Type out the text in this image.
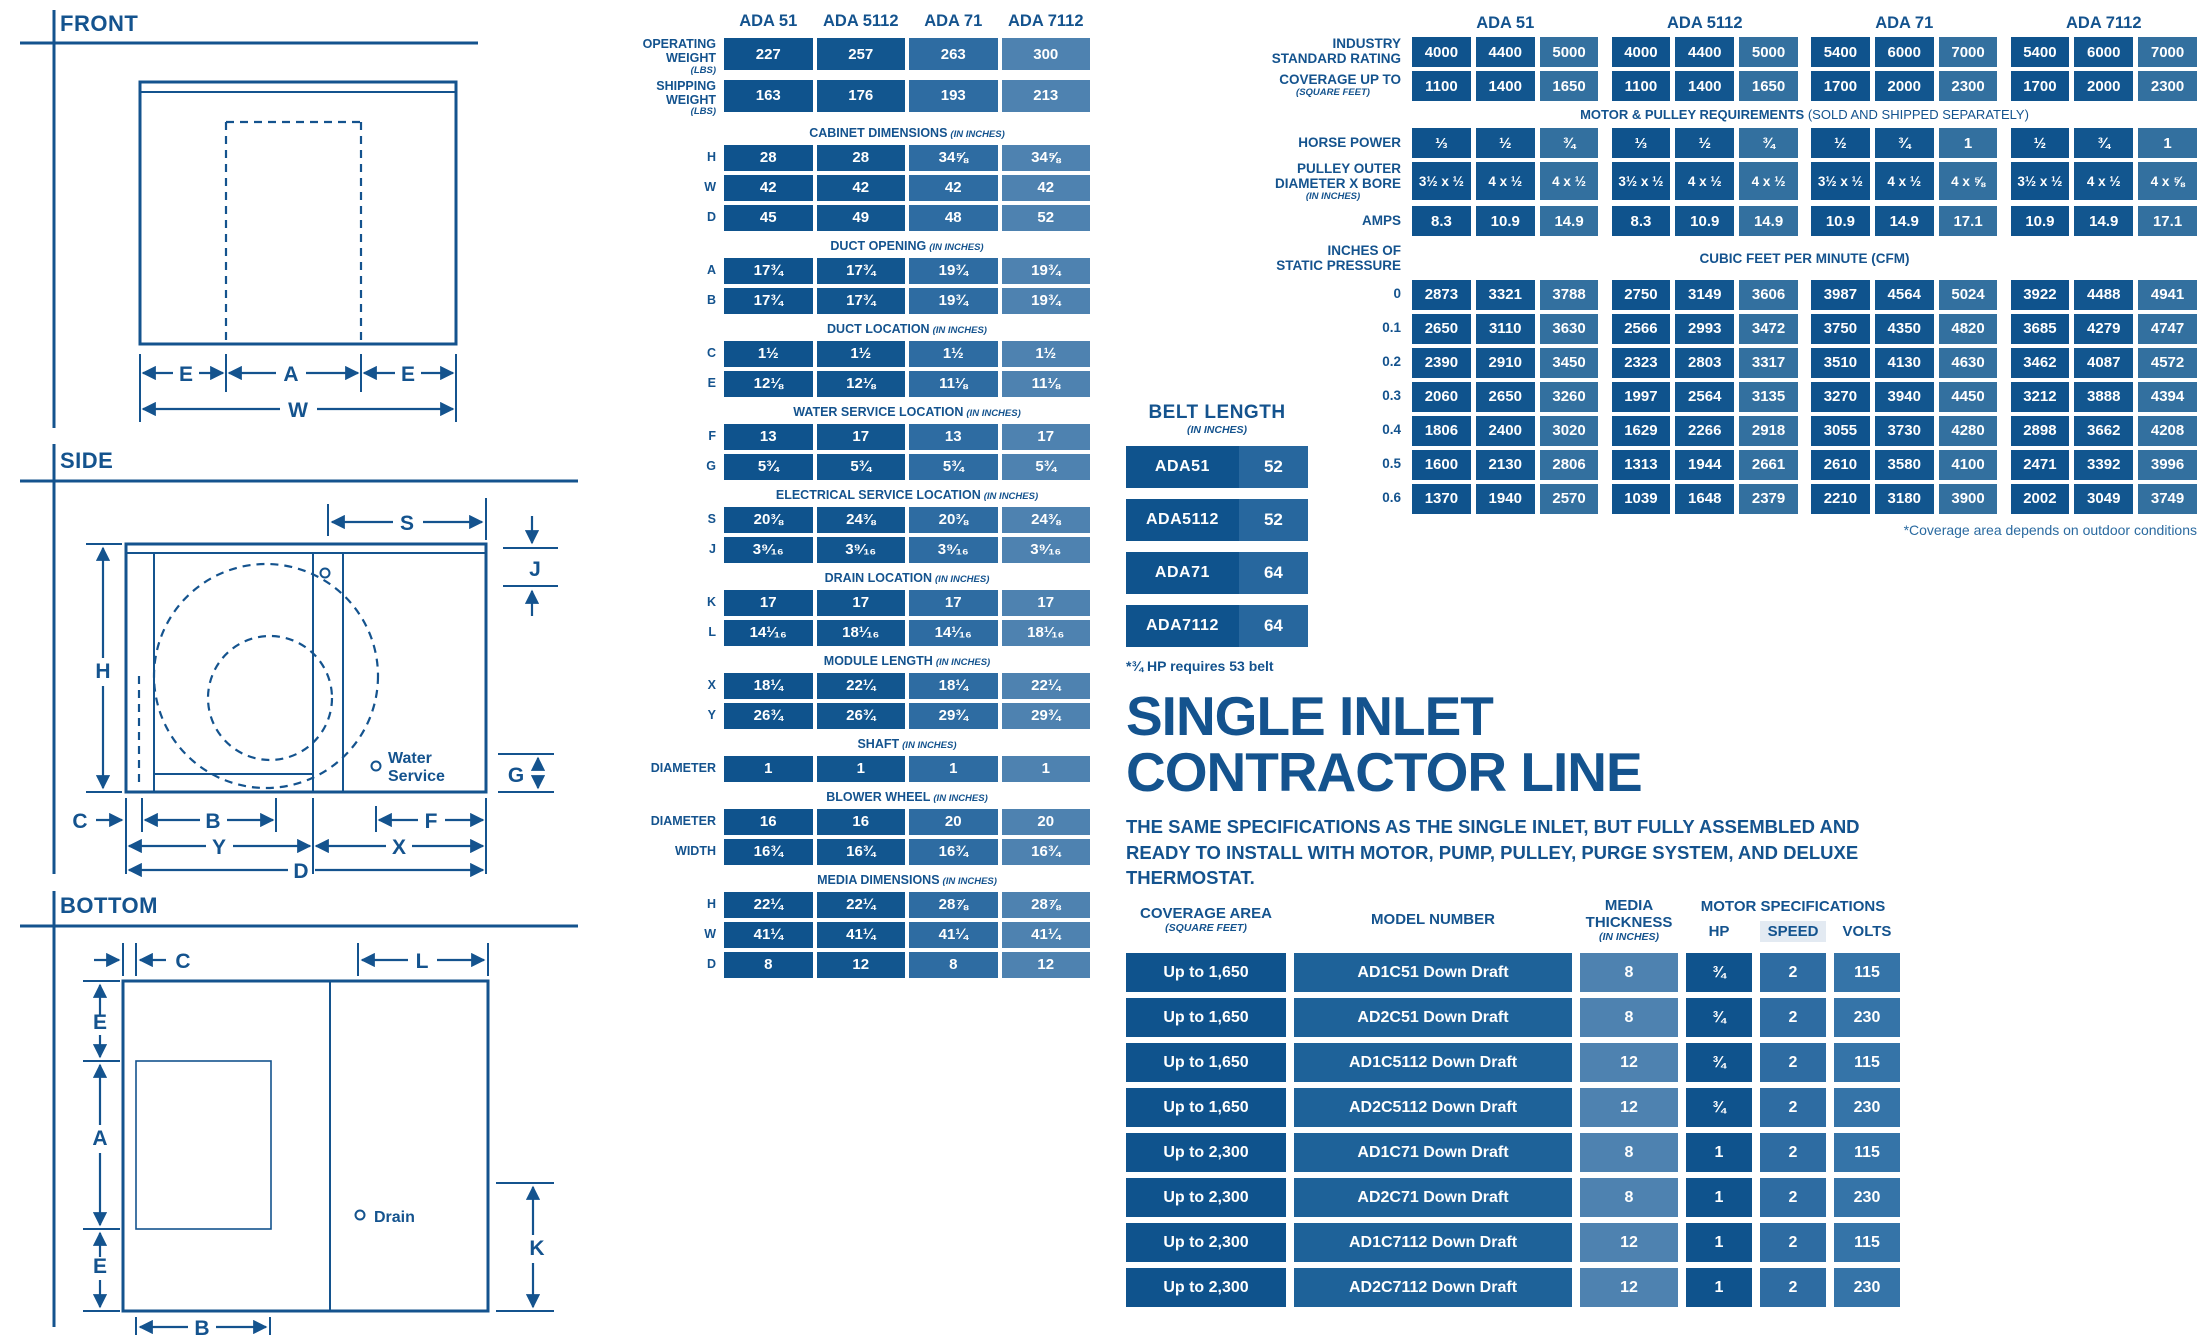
FRONT
E	A	E
W
SIDE
Water
Service
S
J
H
G
C	B	F
Y	X
D
BOTTOM
Drain
C	L
E
A
E
K
B
ADA 51	ADA 5112	ADA 71	ADA 7112
OPERATING WEIGHT
(LBS)
227	257	263	300
SHIPPING WEIGHT
(LBS)
163	176	193	213
CABINET DIMENSIONS (IN INCHES)
H	28	28	34⅝	34⅝
W	42	42	42	42
D	45	49	48	52
DUCT OPENING (IN INCHES)
A	17¾	17¾	19¾	19¾
B	17¾	17¾	19¾	19¾
DUCT LOCATION (IN INCHES)
C	1½	1½	1½	1½
E	12⅛	12⅛	11⅛	11⅛
WATER SERVICE LOCATION (IN INCHES)
F	13	17	13	17
G	5¾	5¾	5¾	5¾
ELECTRICAL SERVICE LOCATION (IN INCHES)
S	20⅜	24⅜	20⅜	24⅜
J	3⁹⁄₁₆	3⁹⁄₁₆	3⁹⁄₁₆	3⁹⁄₁₆
DRAIN LOCATION (IN INCHES)
K	17	17	17	17
L	14¹⁄₁₆	18¹⁄₁₆	14¹⁄₁₆	18¹⁄₁₆
MODULE LENGTH (IN INCHES)
X	18¼	22¼	18¼	22¼
Y	26¾	26¾	29¾	29¾
SHAFT (IN INCHES)
DIAMETER	1	1	1	1
BLOWER WHEEL (IN INCHES)
DIAMETER	16	16	20	20
WIDTH	16¾	16¾	16¾	16¾
MEDIA DIMENSIONS (IN INCHES)
H	22¼	22¼	28⅞	28⅞
W	41¼	41¼	41¼	41¼
D	8	12	8	12
ADA 51	ADA 5112	ADA 71	ADA 7112
INDUSTRY
STANDARD RATING	4000	4400	5000	4000	4400	5000	5400	6000	7000	5400	6000	7000
COVERAGE UP TO
(SQUARE FEET)	1100	1400	1650	1100	1400	1650	1700	2000	2300	1700	2000	2300
MOTOR & PULLEY REQUIREMENTS (SOLD AND SHIPPED SEPARATELY)
HORSE POWER	⅓	½	¾	⅓	½	¾	½	¾	1	½	¾	1
PULLEY OUTER
DIAMETER X BORE
(IN INCHES)
3½ x ½	4 x ½	4 x ½	3½ x ½	4 x ½	4 x ½	3½ x ½	4 x ½	4 x ⅝	3½ x ½	4 x ½	4 x ⅝
AMPS	8.3	10.9	14.9	8.3	10.9	14.9	10.9	14.9	17.1	10.9	14.9	17.1
INCHES OF
STATIC PRESSURE	CUBIC FEET PER MINUTE (CFM)
0	2873	3321	3788	2750	3149	3606	3987	4564	5024	3922	4488	4941
0.1	2650	3110	3630	2566	2993	3472	3750	4350	4820	3685	4279	4747
0.2	2390	2910	3450	2323	2803	3317	3510	4130	4630	3462	4087	4572
0.3	2060	2650	3260	1997	2564	3135	3270	3940	4450	3212	3888	4394
0.4	1806	2400	3020	1629	2266	2918	3055	3730	4280	2898	3662	4208
0.5	1600	2130	2806	1313	1944	2661	2610	3580	4100	2471	3392	3996
0.6	1370	1940	2570	1039	1648	2379	2210	3180	3900	2002	3049	3749
*Coverage area depends on outdoor conditions
BELT LENGTH
(IN INCHES)
ADA51	52
ADA5112	52
ADA71	64
ADA7112	64
*¾ HP requires 53 belt
SINGLE INLET
CONTRACTOR LINE
THE SAME SPECIFICATIONS AS THE SINGLE INLET, BUT FULLY ASSEMBLED AND READY TO INSTALL WITH MOTOR, PUMP, PULLEY, PURGE SYSTEM, AND DELUXE THERMOSTAT.
COVERAGE AREA
(SQUARE FEET)	MODEL NUMBER
MEDIA THICKNESS
(IN INCHES)
MOTOR SPECIFICATIONS
HP	SPEED	VOLTS
Up to 1,650	AD1C51 Down Draft	8	¾	2	115
Up to 1,650	AD2C51 Down Draft	8	¾	2	230
Up to 1,650	AD1C5112 Down Draft	12	¾	2	115
Up to 1,650	AD2C5112 Down Draft	12	¾	2	230
Up to 2,300	AD1C71 Down Draft	8	1	2	115
Up to 2,300	AD2C71 Down Draft	8	1	2	230
Up to 2,300	AD1C7112 Down Draft	12	1	2	115
Up to 2,300	AD2C7112 Down Draft	12	1	2	230
